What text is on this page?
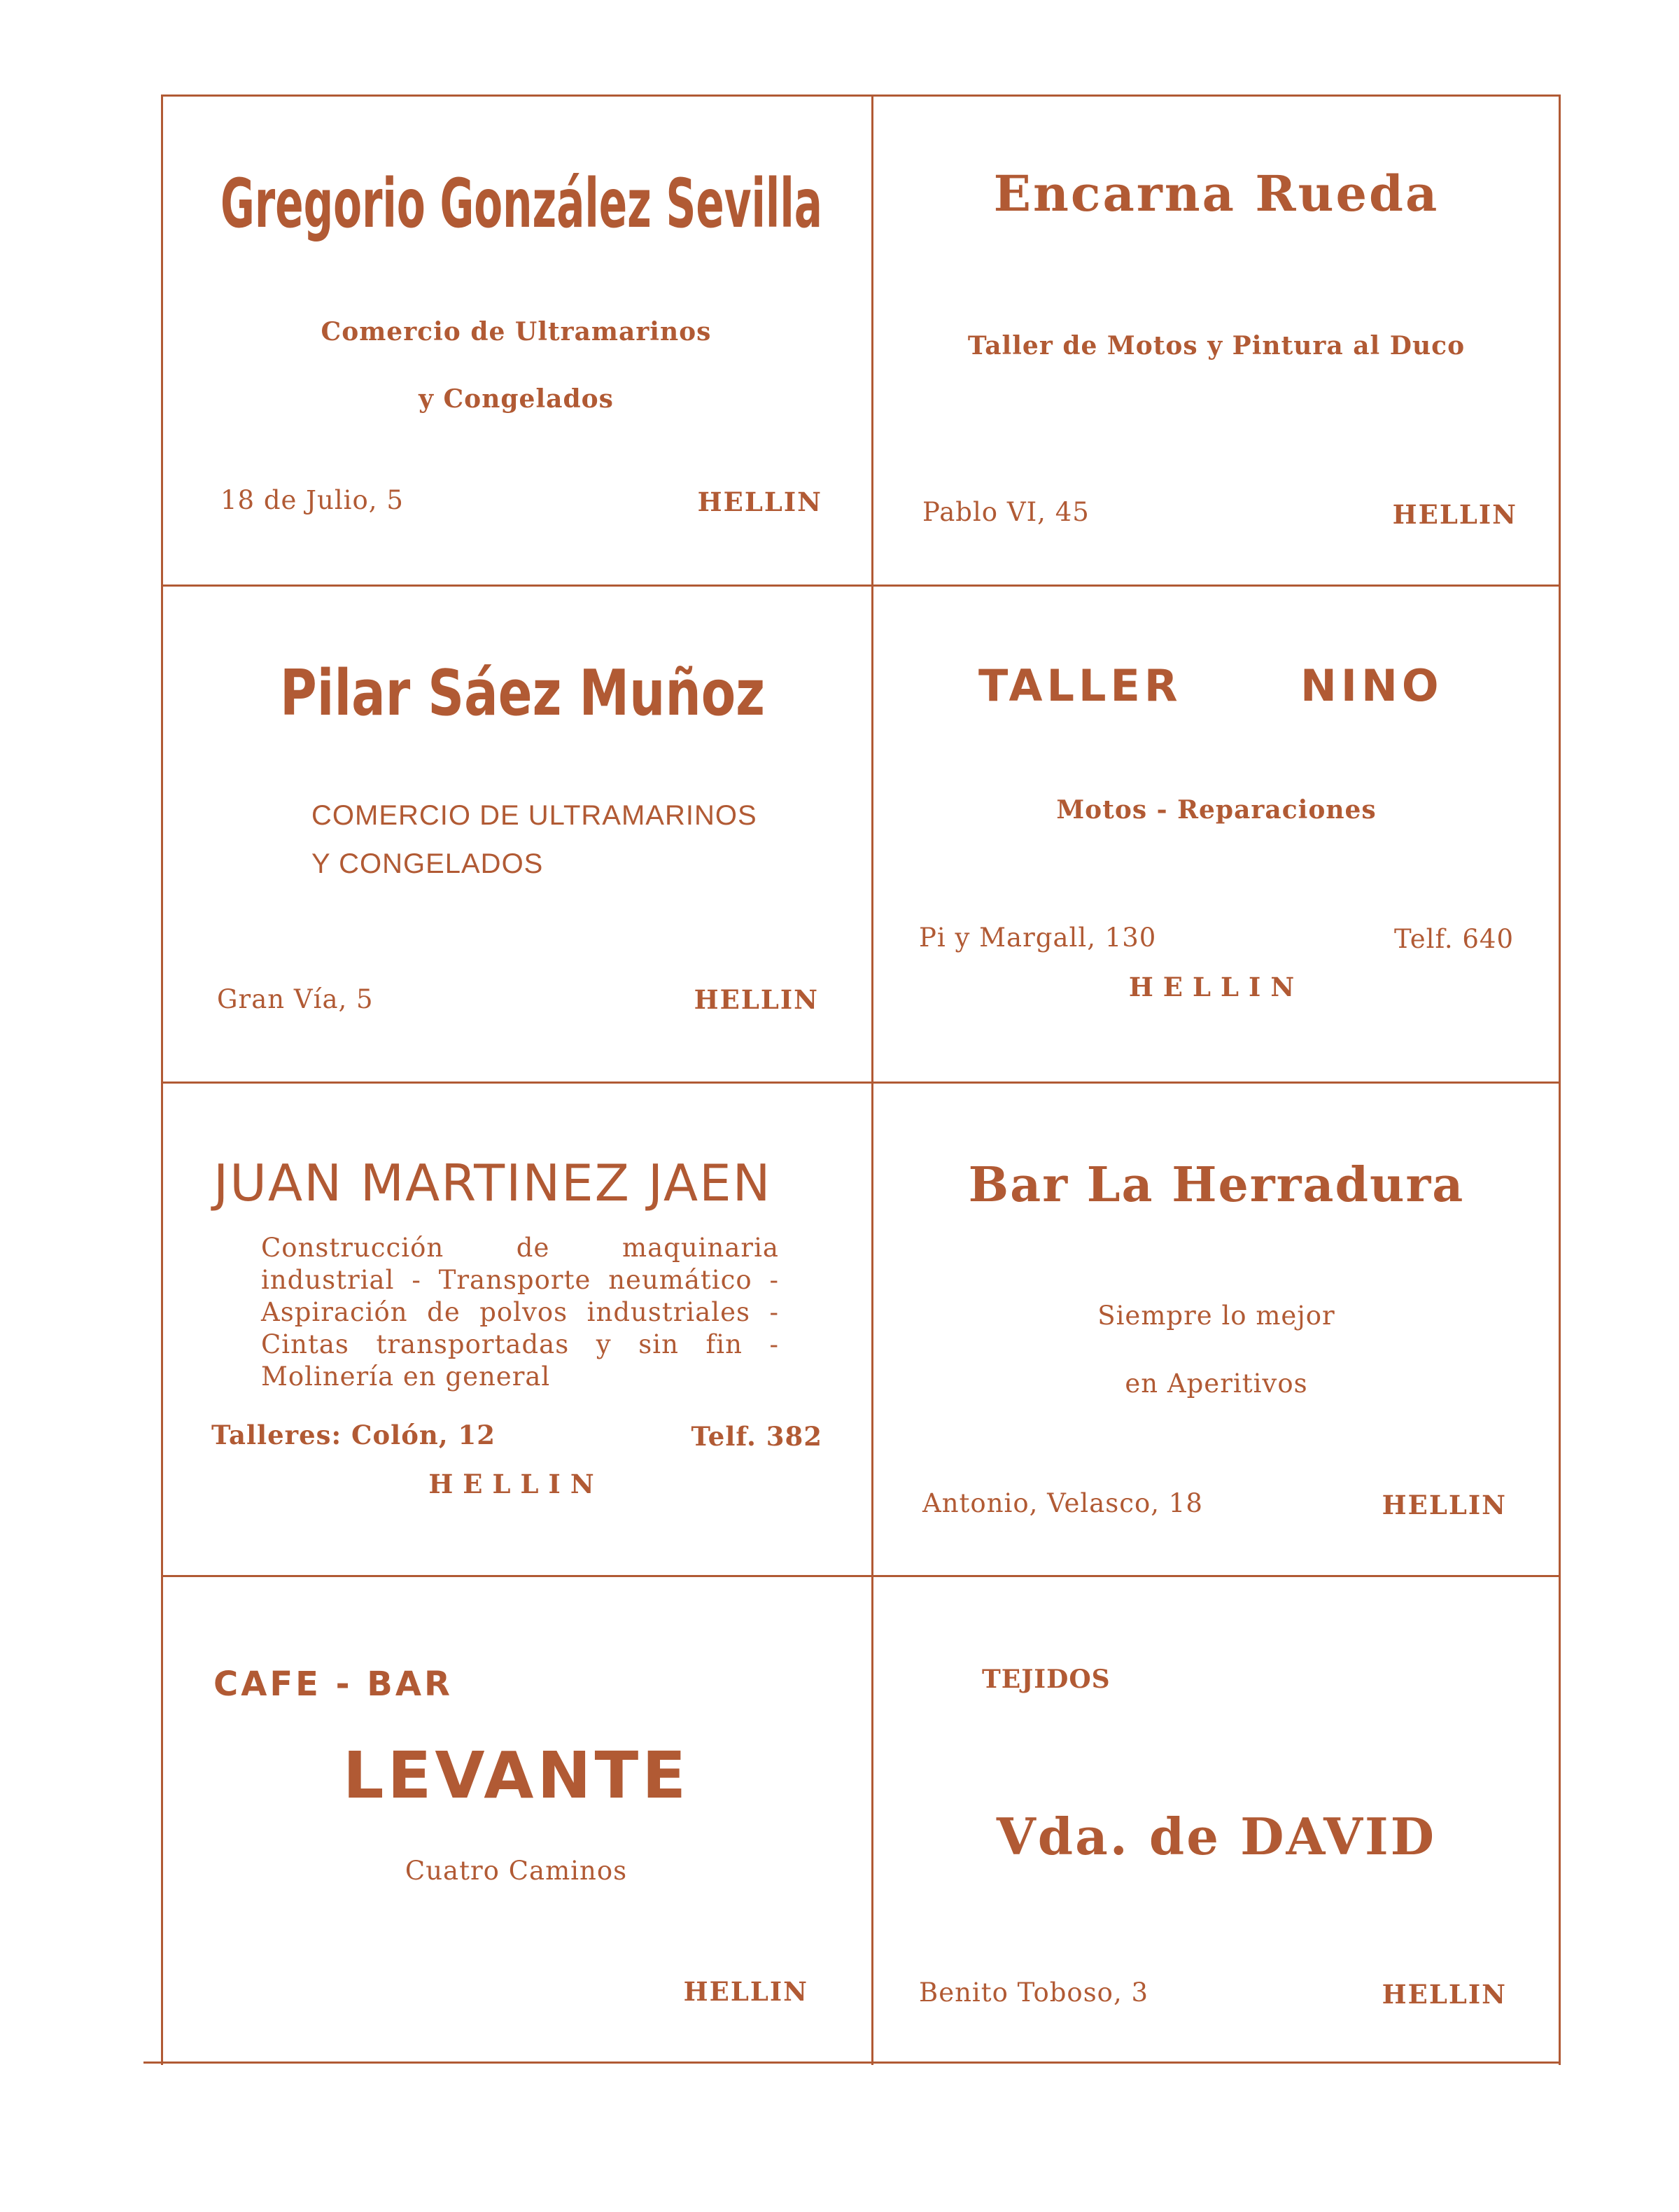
Gregorio González Sevilla
Comercio de Ultramarinos
y Congelados
18 de Julio, 5	HELLIN
Encarna Rueda
Taller de Motos y Pintura al Duco
Pablo VI, 45	HELLIN
Pilar Sáez Muñoz
COMERCIO DE ULTRAMARINOS
Y CONGELADOS
Gran Vía, 5	HELLIN
TALLER	NINO
Motos - Reparaciones
Pi y Margall, 130	Telf. 640
HELLIN
JUAN MARTINEZ JAEN
Construcción de maquinaria industrial - Transporte neumático - Aspiración de polvos industriales - Cintas transportadas y sin fin - Molinería en general
Talleres: Colón, 12	Telf. 382
HELLIN
Bar La Herradura
Siempre lo mejor
en Aperitivos
Antonio, Velasco, 18	HELLIN
CAFE - BAR
LEVANTE
Cuatro Caminos
HELLIN
TEJIDOS
Vda. de DAVID
Benito Toboso, 3	HELLIN
